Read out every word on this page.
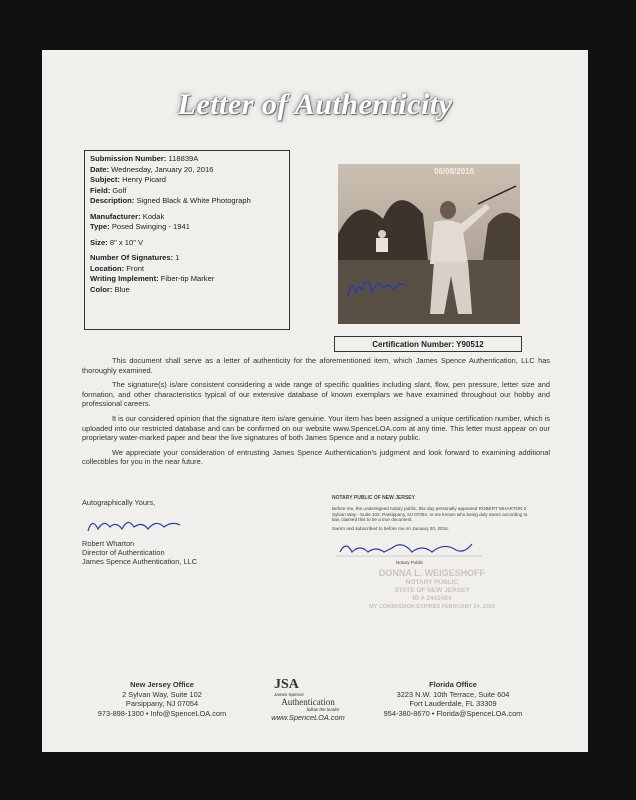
Letter of Authenticity
Submission Number: 118839A
Date: Wednesday, January 20, 2016
Subject: Henry Picard
Field: Golf
Description: Signed Black & White Photograph
Manufacturer: Kodak
Type: Posed Swinging - 1941
Size: 8" x 10" V
Number Of Signatures: 1
Location: Front
Writing Implement: Fiber-tip Marker
Color: Blue
06/08/2016
Certification Number: Y90512

This document shall serve as a letter of authenticity for the aforementioned item, which James Spence Authentication, LLC has thoroughly examined.

The signature(s) is/are consistent considering a wide range of specific qualities including slant, flow, pen pressure, letter size and formation, and other characteristics typical of our extensive database of known exemplars we have examined throughout our hobby and professional careers.

It is our considered opinion that the signature item is/are genuine. Your item has been assigned a unique certification number, which is uploaded into our restricted database and can be confirmed on our website www.SpenceLOA.com at any time. This letter must appear on our proprietary water-marked paper and bear the live signatures of both James Spence and a notary public.

We appreciate your consideration of entrusting James Spence Authentication's judgment and look forward to examining additional collectibles for you in the near future.

Autographically Yours,
Robert Wharton
Director of Authentication
James Spence Authentication, LLC
NOTARY PUBLIC OF NEW JERSEY
Before me, the undersigned notary public, this day personally appeared ROBERT WHARTON 2 Sylvan Way - Suite 102, Parsippany, NJ 07054, to me known who being duly sworn according to law, claimed this to be a true document.
Sworn and subscribed to before me on January 20, 2016.
Notary Public
DONNA L. WEIGESHOFF
NOTARY PUBLIC
STATE OF NEW JERSEY
ID # 2443484
MY COMMISSION EXPIRES FEBRUARY 24, 2019
New Jersey Office
2 Sylvan Way, Suite 102
Parsippany, NJ 07054
973-898-1300 • Info@SpenceLOA.com
JSA
James Spence
Authentication
follow the leader
www.SpenceLOA.com
Florida Office
3223 N.W. 10th Terrace, Suite 604
Fort Lauderdale, FL 33309
954-380-8670 • Florida@SpenceLOA.com
